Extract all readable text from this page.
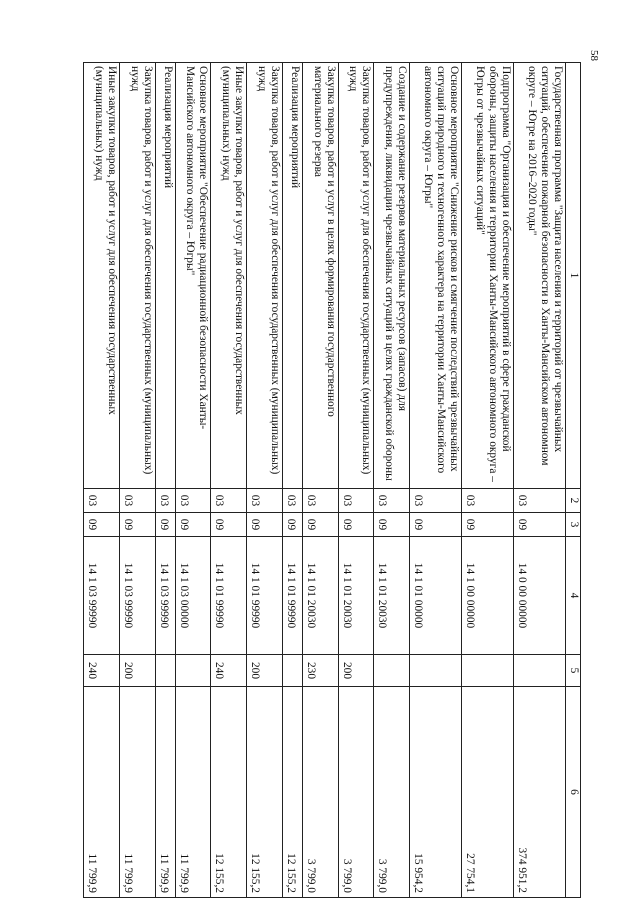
58
1	2	3	4	5	6
Государственная программа "Защита населения и территорий от чрезвычайных ситуаций, обеспечение пожарной безопасности в Ханты-Мансийском автономном округе – Югре на 2016–2020 годы"	03	09	14 0 00 00000		374 951,2
Подпрограмма "Организация и обеспечение мероприятий в сфере гражданской обороны, защиты населения и территории Ханты-Мансийского автономного округа – Югры от чрезвычайных ситуаций"	03	09	14 1 00 00000		27 754,1
Основное мероприятие "Снижение рисков и смягчение последствий чрезвычайных ситуаций природного и техногенного характера на территории Ханты-Мансийского автономного округа – Югры"	03	09	14 1 01 00000		15 954,2
Создание и содержание резервов материальных ресурсов (запасов) для предупреждения, ликвидации чрезвычайных ситуаций в целях гражданской обороны	03	09	14 1 01 20030		3 799,0
Закупка товаров, работ и услуг для обеспечения государственных (муниципальных) нужд	03	09	14 1 01 20030	200	3 799,0
Закупка товаров, работ и услуг в целях формирования государственного материального резерва	03	09	14 1 01 20030	230	3 799,0
Реализация мероприятий	03	09	14 1 01 99990		12 155,2
Закупка товаров, работ и услуг для обеспечения государственных (муниципальных) нужд	03	09	14 1 01 99990	200	12 155,2
Иные закупки товаров, работ и услуг для обеспечения государственных (муниципальных) нужд	03	09	14 1 01 99990	240	12 155,2
Основное мероприятие "Обеспечение радиационной безопасности Ханты-Мансийского автономного округа – Югры"	03	09	14 1 03 00000		11 799,9
Реализация мероприятий	03	09	14 1 03 99990		11 799,9
Закупка товаров, работ и услуг для обеспечения государственных (муниципальных) нужд	03	09	14 1 03 99990	200	11 799,9
Иные закупки товаров, работ и услуг для обеспечения государственных (муниципальных) нужд	03	09	14 1 03 99990	240	11 799,9
